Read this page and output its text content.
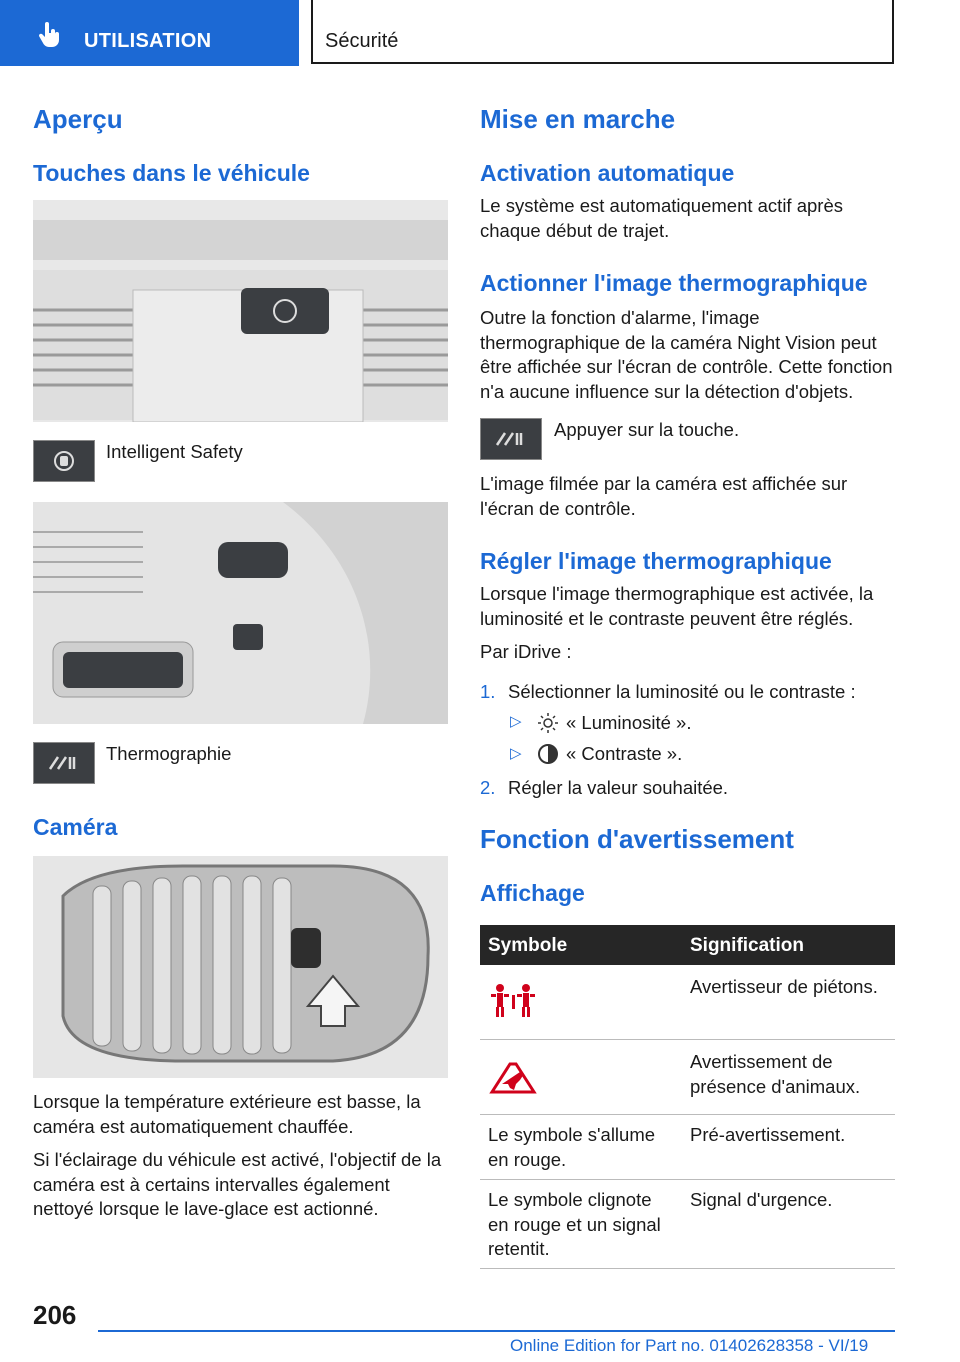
UTILISATION	Sécurité
Aperçu
Touches dans le véhicule
Intelligent Safety
Thermographie
Caméra
Lorsque la température extérieure est basse, la caméra est automatiquement chauffée.
Si l'éclairage du véhicule est activé, l'objectif de la caméra est à certains intervalles également nettoyé lorsque le lave-glace est actionné.
Mise en marche
Activation automatique
Le système est automatiquement actif après chaque début de trajet.
Actionner l'image thermographique
Outre la fonction d'alarme, l'image thermographique de la caméra Night Vision peut être affichée sur l'écran de contrôle. Cette fonction n'a aucune influence sur la détection d'objets.
Appuyer sur la touche.
L'image filmée par la caméra est affichée sur l'écran de contrôle.
Régler l'image thermographique
Lorsque l'image thermographique est activée, la luminosité et le contraste peuvent être réglés.
Par iDrive :
1. Sélectionner la luminosité ou le contraste :
▷ « Luminosité ».
▷ « Contraste ».
2. Régler la valeur souhaitée.
Fonction d'avertissement
Affichage
Symbole	Signification
Avertisseur de piétons.
Avertissement de présence d'animaux.
Le symbole s'allume en rouge.
Pré-avertissement.
Le symbole clignote en rouge et un signal retentit.
Signal d'urgence.
206
Online Edition for Part no. 01402628358 - VI/19
